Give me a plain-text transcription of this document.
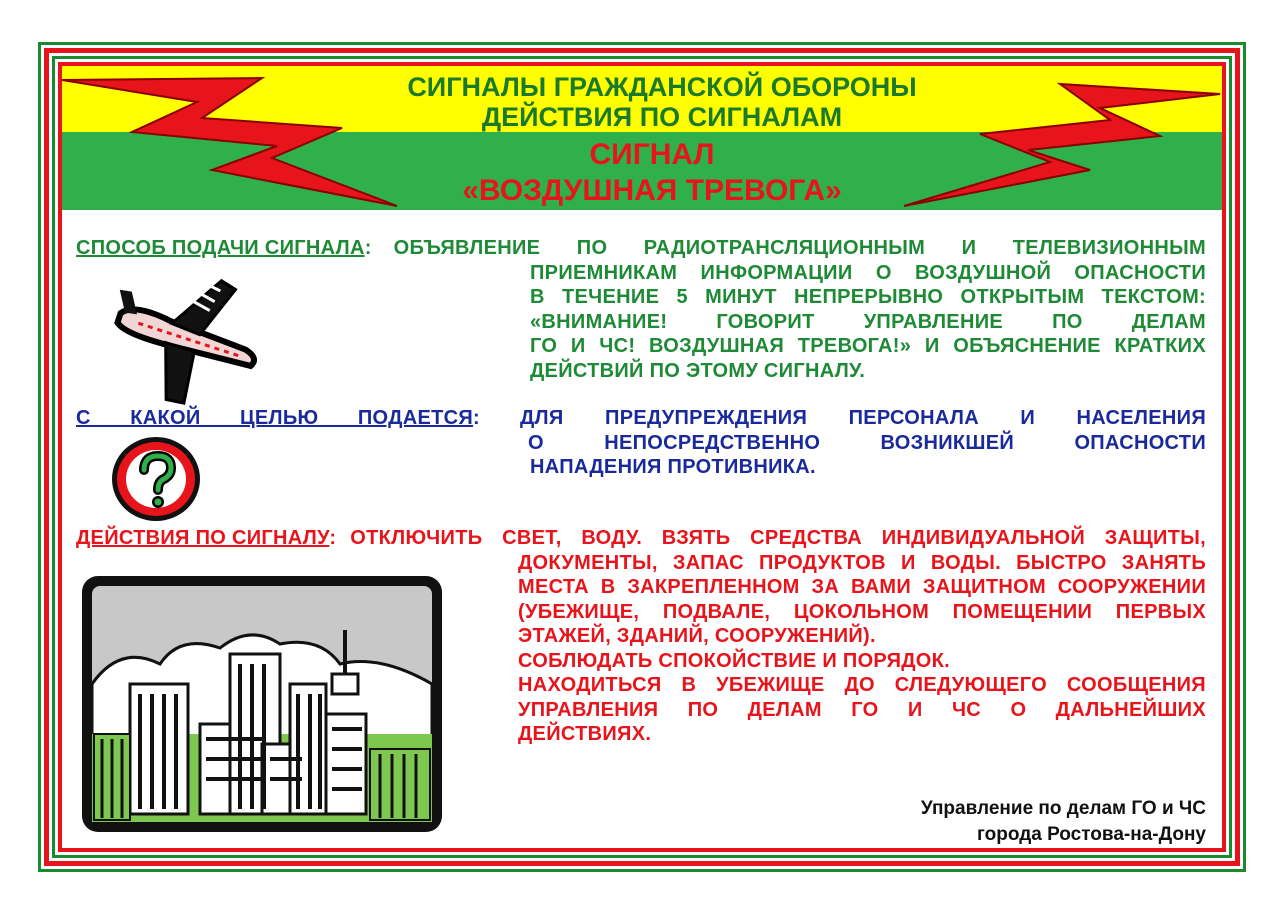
СИГНАЛЫ ГРАЖДАНСКОЙ ОБОРОНЫ
ДЕЙСТВИЯ ПО СИГНАЛАМ
СИГНАЛ
«ВОЗДУШНАЯ ТРЕВОГА»
СПОСОБ ПОДАЧИ СИГНАЛА: ОБЪЯВЛЕНИЕ ПО РАДИОТРАНСЛЯЦИОННЫМ И ТЕЛЕВИЗИОННЫМ
ПРИЕМНИКАМ ИНФОРМАЦИИ О ВОЗДУШНОЙ ОПАСНОСТИ
В ТЕЧЕНИЕ 5 МИНУТ НЕПРЕРЫВНО ОТКРЫТЫМ ТЕКСТОМ:
«ВНИМАНИЕ! ГОВОРИТ УПРАВЛЕНИЕ ПО ДЕЛАМ
ГО И ЧС! ВОЗДУШНАЯ ТРЕВОГА!» И ОБЪЯСНЕНИЕ КРАТКИХ
ДЕЙСТВИЙ ПО ЭТОМУ СИГНАЛУ.
С КАКОЙ ЦЕЛЬЮ ПОДАЕТСЯ : ДЛЯ ПРЕДУПРЕЖДЕНИЯ ПЕРСОНАЛА И НАСЕЛЕНИЯ
О НЕПОСРЕДСТВЕННО ВОЗНИКШЕЙ ОПАСНОСТИ
НАПАДЕНИЯ ПРОТИВНИКА.
ДЕЙСТВИЯ ПО СИГНАЛУ: ОТКЛЮЧИТЬ СВЕТ, ВОДУ. ВЗЯТЬ СРЕДСТВА ИНДИВИДУАЛЬНОЙ ЗАЩИТЫ,
ДОКУМЕНТЫ, ЗАПАС ПРОДУКТОВ И ВОДЫ. БЫСТРО ЗАНЯТЬ
МЕСТА В ЗАКРЕПЛЕННОМ ЗА ВАМИ ЗАЩИТНОМ СООРУЖЕНИИ
(УБЕЖИЩЕ, ПОДВАЛЕ, ЦОКОЛЬНОМ ПОМЕЩЕНИИ ПЕРВЫХ
ЭТАЖЕЙ, ЗДАНИЙ, СООРУЖЕНИЙ).
СОБЛЮДАТЬ СПОКОЙСТВИЕ И ПОРЯДОК.
НАХОДИТЬСЯ В УБЕЖИЩЕ ДО СЛЕДУЮЩЕГО СООБЩЕНИЯ
УПРАВЛЕНИЯ ПО ДЕЛАМ ГО И ЧС О ДАЛЬНЕЙШИХ
ДЕЙСТВИЯХ.
Управление по делам ГО и ЧС
города Ростова-на-Дону
